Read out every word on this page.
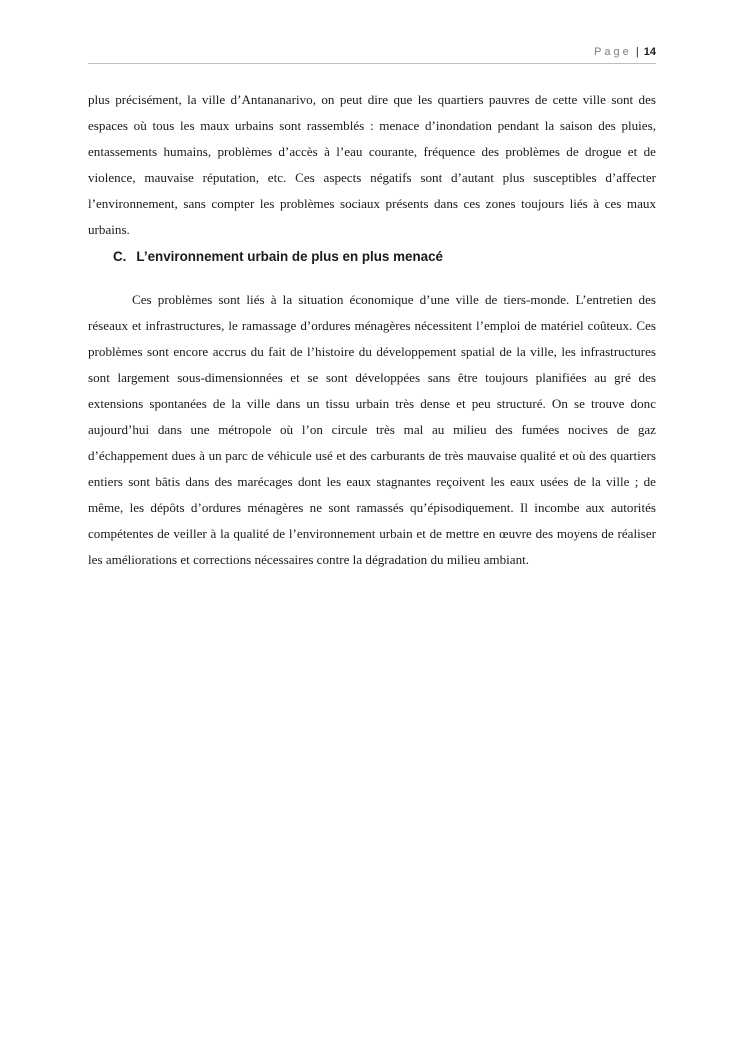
Page | 14

plus précisément, la ville d’Antananarivo, on peut dire que les quartiers pauvres de cette ville sont des espaces où tous les maux urbains sont rassemblés : menace d’inondation pendant la saison des pluies, entassements humains, problèmes d’accès à l’eau courante, fréquence des problèmes de drogue et de violence, mauvaise réputation, etc. Ces aspects négatifs sont d’autant plus susceptibles d’affecter l’environnement, sans compter les problèmes sociaux présents dans ces zones toujours liés à ces maux urbains.

C. L’environnement urbain de plus en plus menacé

Ces problèmes sont liés à la situation économique d’une ville de tiers-monde. L’entretien des réseaux et infrastructures, le ramassage d’ordures ménagères nécessitent l’emploi de matériel coûteux. Ces problèmes sont encore accrus du fait de l’histoire du développement spatial de la ville, les infrastructures sont largement sous-dimensionnées et se sont développées sans être toujours planifiées au gré des extensions spontanées de la ville dans un tissu urbain très dense et peu structuré. On se trouve donc aujourd’hui dans une métropole où l’on circule très mal au milieu des fumées nocives de gaz d’échappement dues à un parc de véhicule usé et des carburants de très mauvaise qualité et où des quartiers entiers sont bâtis dans des marécages dont les eaux stagnantes reçoivent les eaux usées de la ville ; de même, les dépôts d’ordures ménagères ne sont ramassés qu’épisodiquement. Il incombe aux autorités compétentes de veiller à la qualité de l’environnement urbain et de mettre en œuvre des moyens de réaliser les améliorations et corrections nécessaires contre la dégradation du milieu ambiant.
